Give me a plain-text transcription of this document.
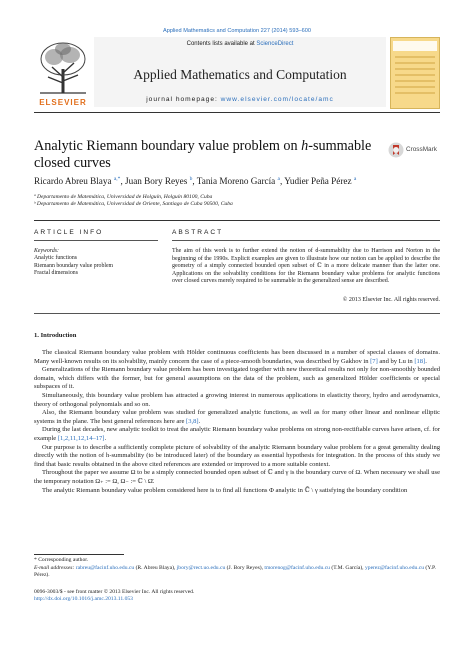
Applied Mathematics and Computation 227 (2014) 593–600
ELSEVIER
Contents lists available at ScienceDirect
Applied Mathematics and Computation
journal homepage: www.elsevier.com/locate/amc
Analytic Riemann boundary value problem on h-summable closed curves
CrossMark
Ricardo Abreu Blaya $^{a,*}$, Juan Bory Reyes $^b$, Tania Moreno García $^a$, Yudier Peña Pérez $^a$
ª Departamento de Matemática, Universidad de Holguín, Holguín 80100, Cuba
ᵇ Departamento de Matemática, Universidad de Oriente, Santiago de Cuba 90500, Cuba
ARTICLE INFO	ABSTRACT
Keywords:
Analytic functions
Riemann boundary value problem
Fractal dimensions
The aim of this work is to further extend the notion of d-summability due to Harrison and Norton in the beginning of the 1990s. Explicit examples are given to illustrate how our notion can be applied to describe the geometry of a simply connected bounded open subset of ℂ in a more delicate manner than the latter one. Applications on the solvability conditions for the Riemann boundary value problems for analytic functions over closed curves merely required to be summable in the generalized sense are described.
© 2013 Elsevier Inc. All rights reserved.
1. Introduction

The classical Riemann boundary value problem with Hölder continuous coefficients has been discussed in a number of special classes of domains. Many well-known results on its solvability, mainly concern the case of a piece-smooth boundaries, was described by Gakhov in [7] and by Lu in [18].

Generalizations of the Riemann boundary value problem has been investigated together with new theoretical results not only for non-smoothly bounded domain, which differs with the former, but for general assumptions on the data of the problem, such as generalized Hölder coefficients or special subspaces of it.

Simultaneously, this boundary value problem has attracted a growing interest in numerous applications in elasticity theory, hydro and aerodynamics, theory of orthogonal polynomials and so on.

Also, the Riemann boundary value problem was studied for generalized analytic functions, as well as for many other linear and nonlinear elliptic systems in the plane. The best general references here are [3,8].

During the last decades, new analytic toolkit to treat the analytic Riemann boundary value problems on strong non-rectifiable curves have arisen, cf. for example [1,2,11,12,14–17].

Our purpose is to describe a sufficiently complete picture of solvability of the analytic Riemann boundary value problem for a great generality dealing directly with the notion of h-summability (to be introduced later) of the boundary as essential hypothesis for integration. In the process of this study we find that basic results obtained in the above cited references are extended or improved to a more suitable context.

Throughout the paper we assume Ω to be a simply connected bounded open subset of ℂ and γ is the boundary curve of Ω. When necessary we shall use the temporary notation Ω₊ := Ω, Ω₋ := ℂ \ Ω̄.

The analytic Riemann boundary value problem considered here is to find all functions Φ analytic in ℂ̄ \ γ satisfying the boundary condition

* Corresponding author.
E-mail addresses: rabreu@facinf.uho.edu.cu (R. Abreu Blaya), jbory@rect.uo.edu.cu (J. Bory Reyes), tmorenog@facinf.uho.edu.cu (T.M. García), yperez@facinf.uho.edu.cu (Y.P. Pérez).
0096-3003/$ - see front matter © 2013 Elsevier Inc. All rights reserved.
http://dx.doi.org/10.1016/j.amc.2013.11.053
